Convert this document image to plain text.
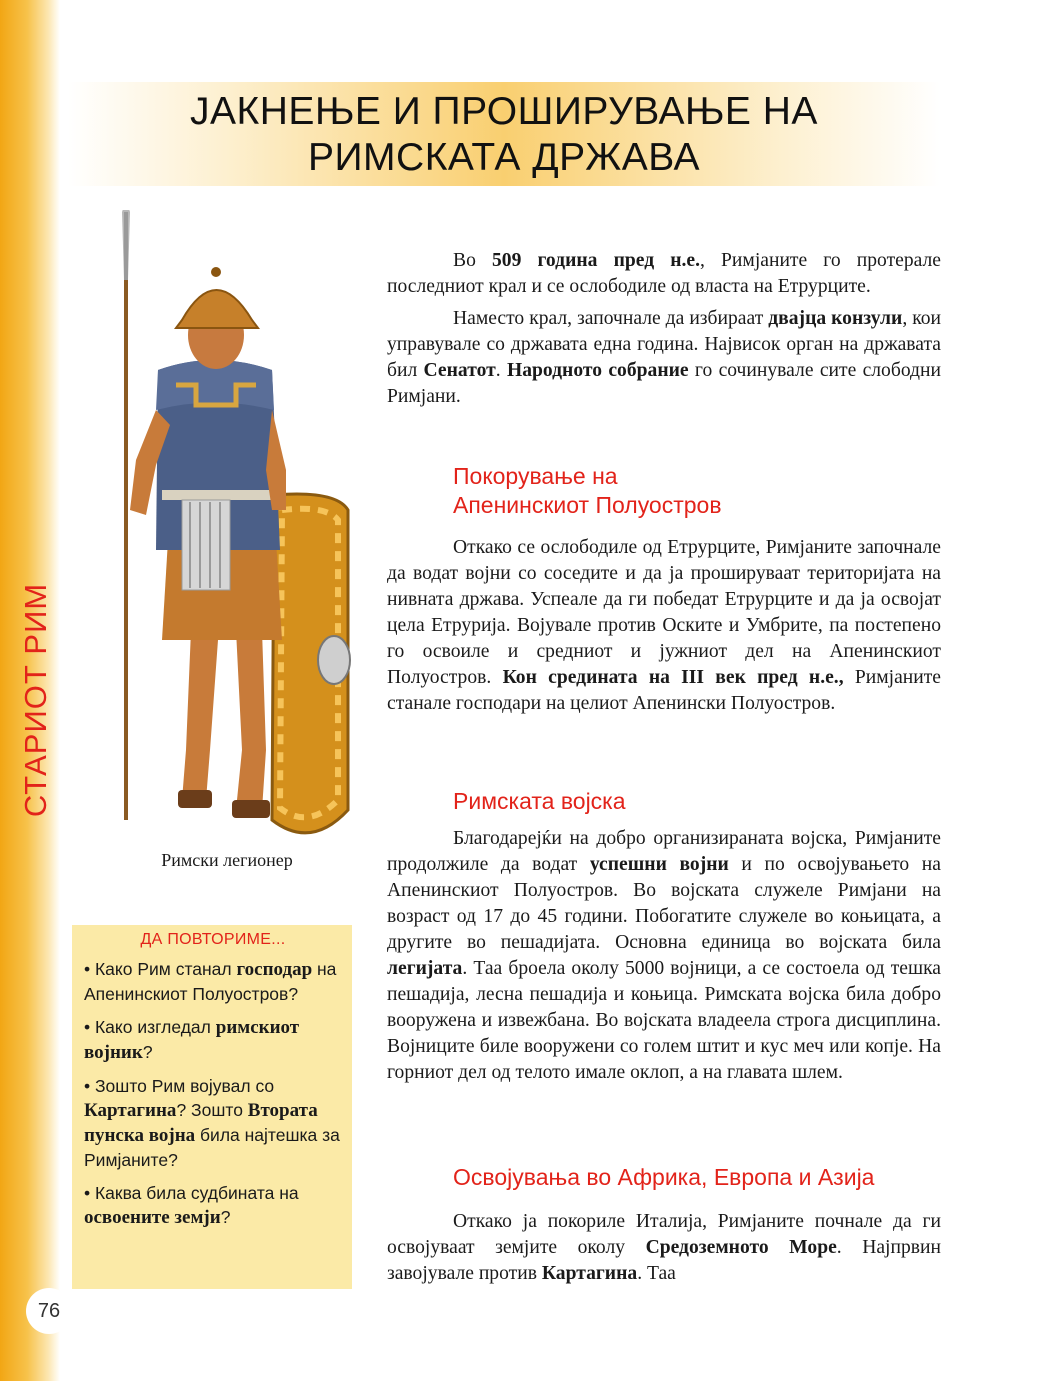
СТАРИОТ РИМ
76
ЈАКНЕЊЕ И ПРОШИРУВАЊЕ НА
РИМСКАТА ДРЖАВА
Римски легионер
ДА ПОВТОРИМЕ...
• Како Рим станал господар на Апенинскиот Полуостров?
• Како изгледал римскиот војник?
• Зошто Рим војувал со Картагина? Зошто Втората пунска војна била најтешка за Римјаните?
• Каква била судбината на освоените земји?

Во 509 година пред н.е., Римјаните го протерале последниот крал и се ослободиле од власта на Етрурците.

Наместо крал, започнале да избираат двајца конзули, кои управувале со државата една година. Највисок орган на државата бил Сенатот. Народното собрание го сочинувале сите слободни Римјани.

Покорување на
Апенинскиот Полуостров

Откако се ослободиле од Етрурците, Римјаните започнале да водат војни со соседите и да ја прошируваат територијата на нивната држава. Успеале да ги победат Етрурците и да ја освојат цела Етрурија. Војувале против Оските и Умбрите, па постепено го освоиле и средниот и јужниот дел на Апенинскиот Полуостров. Кон средината на III век пред н.е., Римјаните станале господари на целиот Апенински Полуостров.

Римската војска

Благодарејќи на добро организираната војска, Римјаните продолжиле да водат успешни војни и по освојувањето на Апенинскиот Полуостров. Во војската служеле Римјани на возраст од 17 до 45 години. Побогатите служеле во коњицата, а другите во пешадијата. Основна единица во војската била легијата. Таа броела околу 5000 војници, а се состоела од тешка пешадија, лесна пешадија и коњица. Римската војска била добро вооружена и извежбана. Во војската владеела строга дисциплина. Војниците биле вооружени со голем штит и кус меч или копје. На горниот дел од телото имале оклоп, а на главата шлем.

Освојувања во Африка, Европа и Азија

Откако ја покориле Италија, Римјаните почнале да ги освојуваат земјите околу Средоземното Море. Најпрвин завојувале против Картагина. Таа
